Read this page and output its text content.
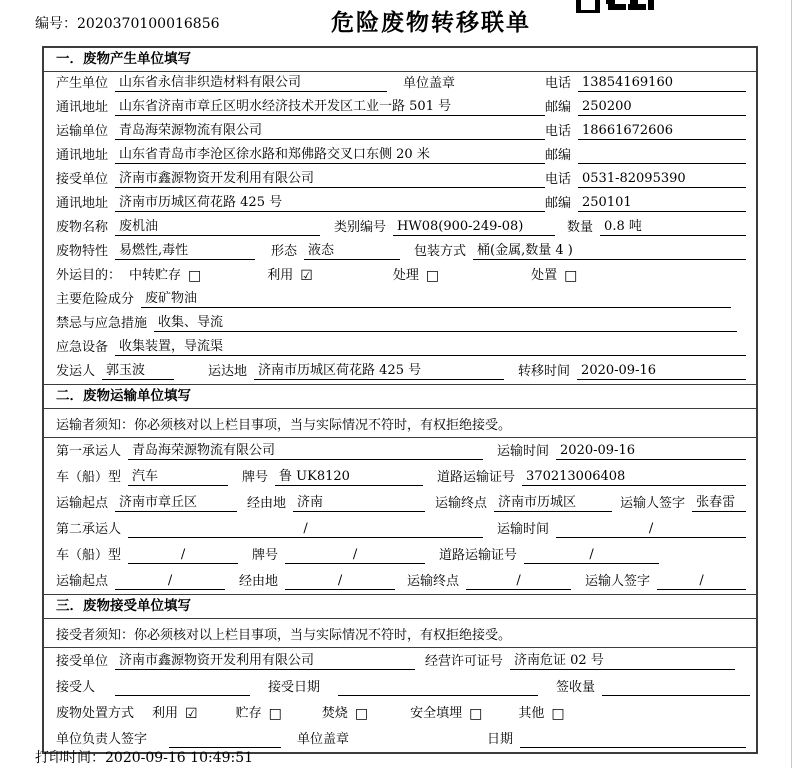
编号：2020370100016856	危险废物转移联单
一．废物产生单位填写
产生单位 山东省永信非织造材料有限公司	单位盖章	电话 13854169160
通讯地址 山东省济南市章丘区明水经济技术开发区工业一路 501 号	邮编 250200
运输单位 青岛海荣源物流有限公司	电话 18661672606
通讯地址 山东省青岛市李沧区徐水路和郑佛路交叉口东侧 20 米	邮编
接受单位 济南市鑫源物资开发利用有限公司	电话 0531-82095390
通讯地址 济南市历城区荷花路 425 号	邮编 250101
废物名称 废机油	类别编号 HW08(900-249-08)	数量 0.8 吨
废物特性 易燃性,毒性	形态 液态	包装方式 桶(金属,数量 4 )
外运目的： 中转贮存 □	利用 ☑	处理 □	处置 □
主要危险成分 废矿物油
禁忌与应急措施 收集、导流
应急设备 收集装置，导流渠
发运人 郭玉波	运达地 济南市历城区荷花路 425 号	转移时间 2020-09-16
二．废物运输单位填写
运输者须知：你必须核对以上栏目事项，当与实际情况不符时，有权拒绝接受。
第一承运人 青岛海荣源物流有限公司	运输时间 2020-09-16
车（船）型 汽车	牌号 鲁 UK8120	道路运输证号 370213006408
运输起点 济南市章丘区	经由地 济南	运输终点 济南市历城区	运输人签字 张春雷
第二承运人	/	运输时间	/
车（船）型	/	牌号	/	道路运输证号	/
运输起点	/	经由地	/	运输终点	/	运输人签字	/
三．废物接受单位填写
接受者须知：你必须核对以上栏目事项，当与实际情况不符时，有权拒绝接受。
接受单位 济南市鑫源物资开发利用有限公司	经营许可证号 济南危证 02 号
接受人	接受日期	签收量
废物处置方式 利用 ☑	贮存 □	焚烧 □	安全填埋 □	其他 □
单位负责人签字	单位盖章	日期
打印时间：2020-09-16 10:49:51
